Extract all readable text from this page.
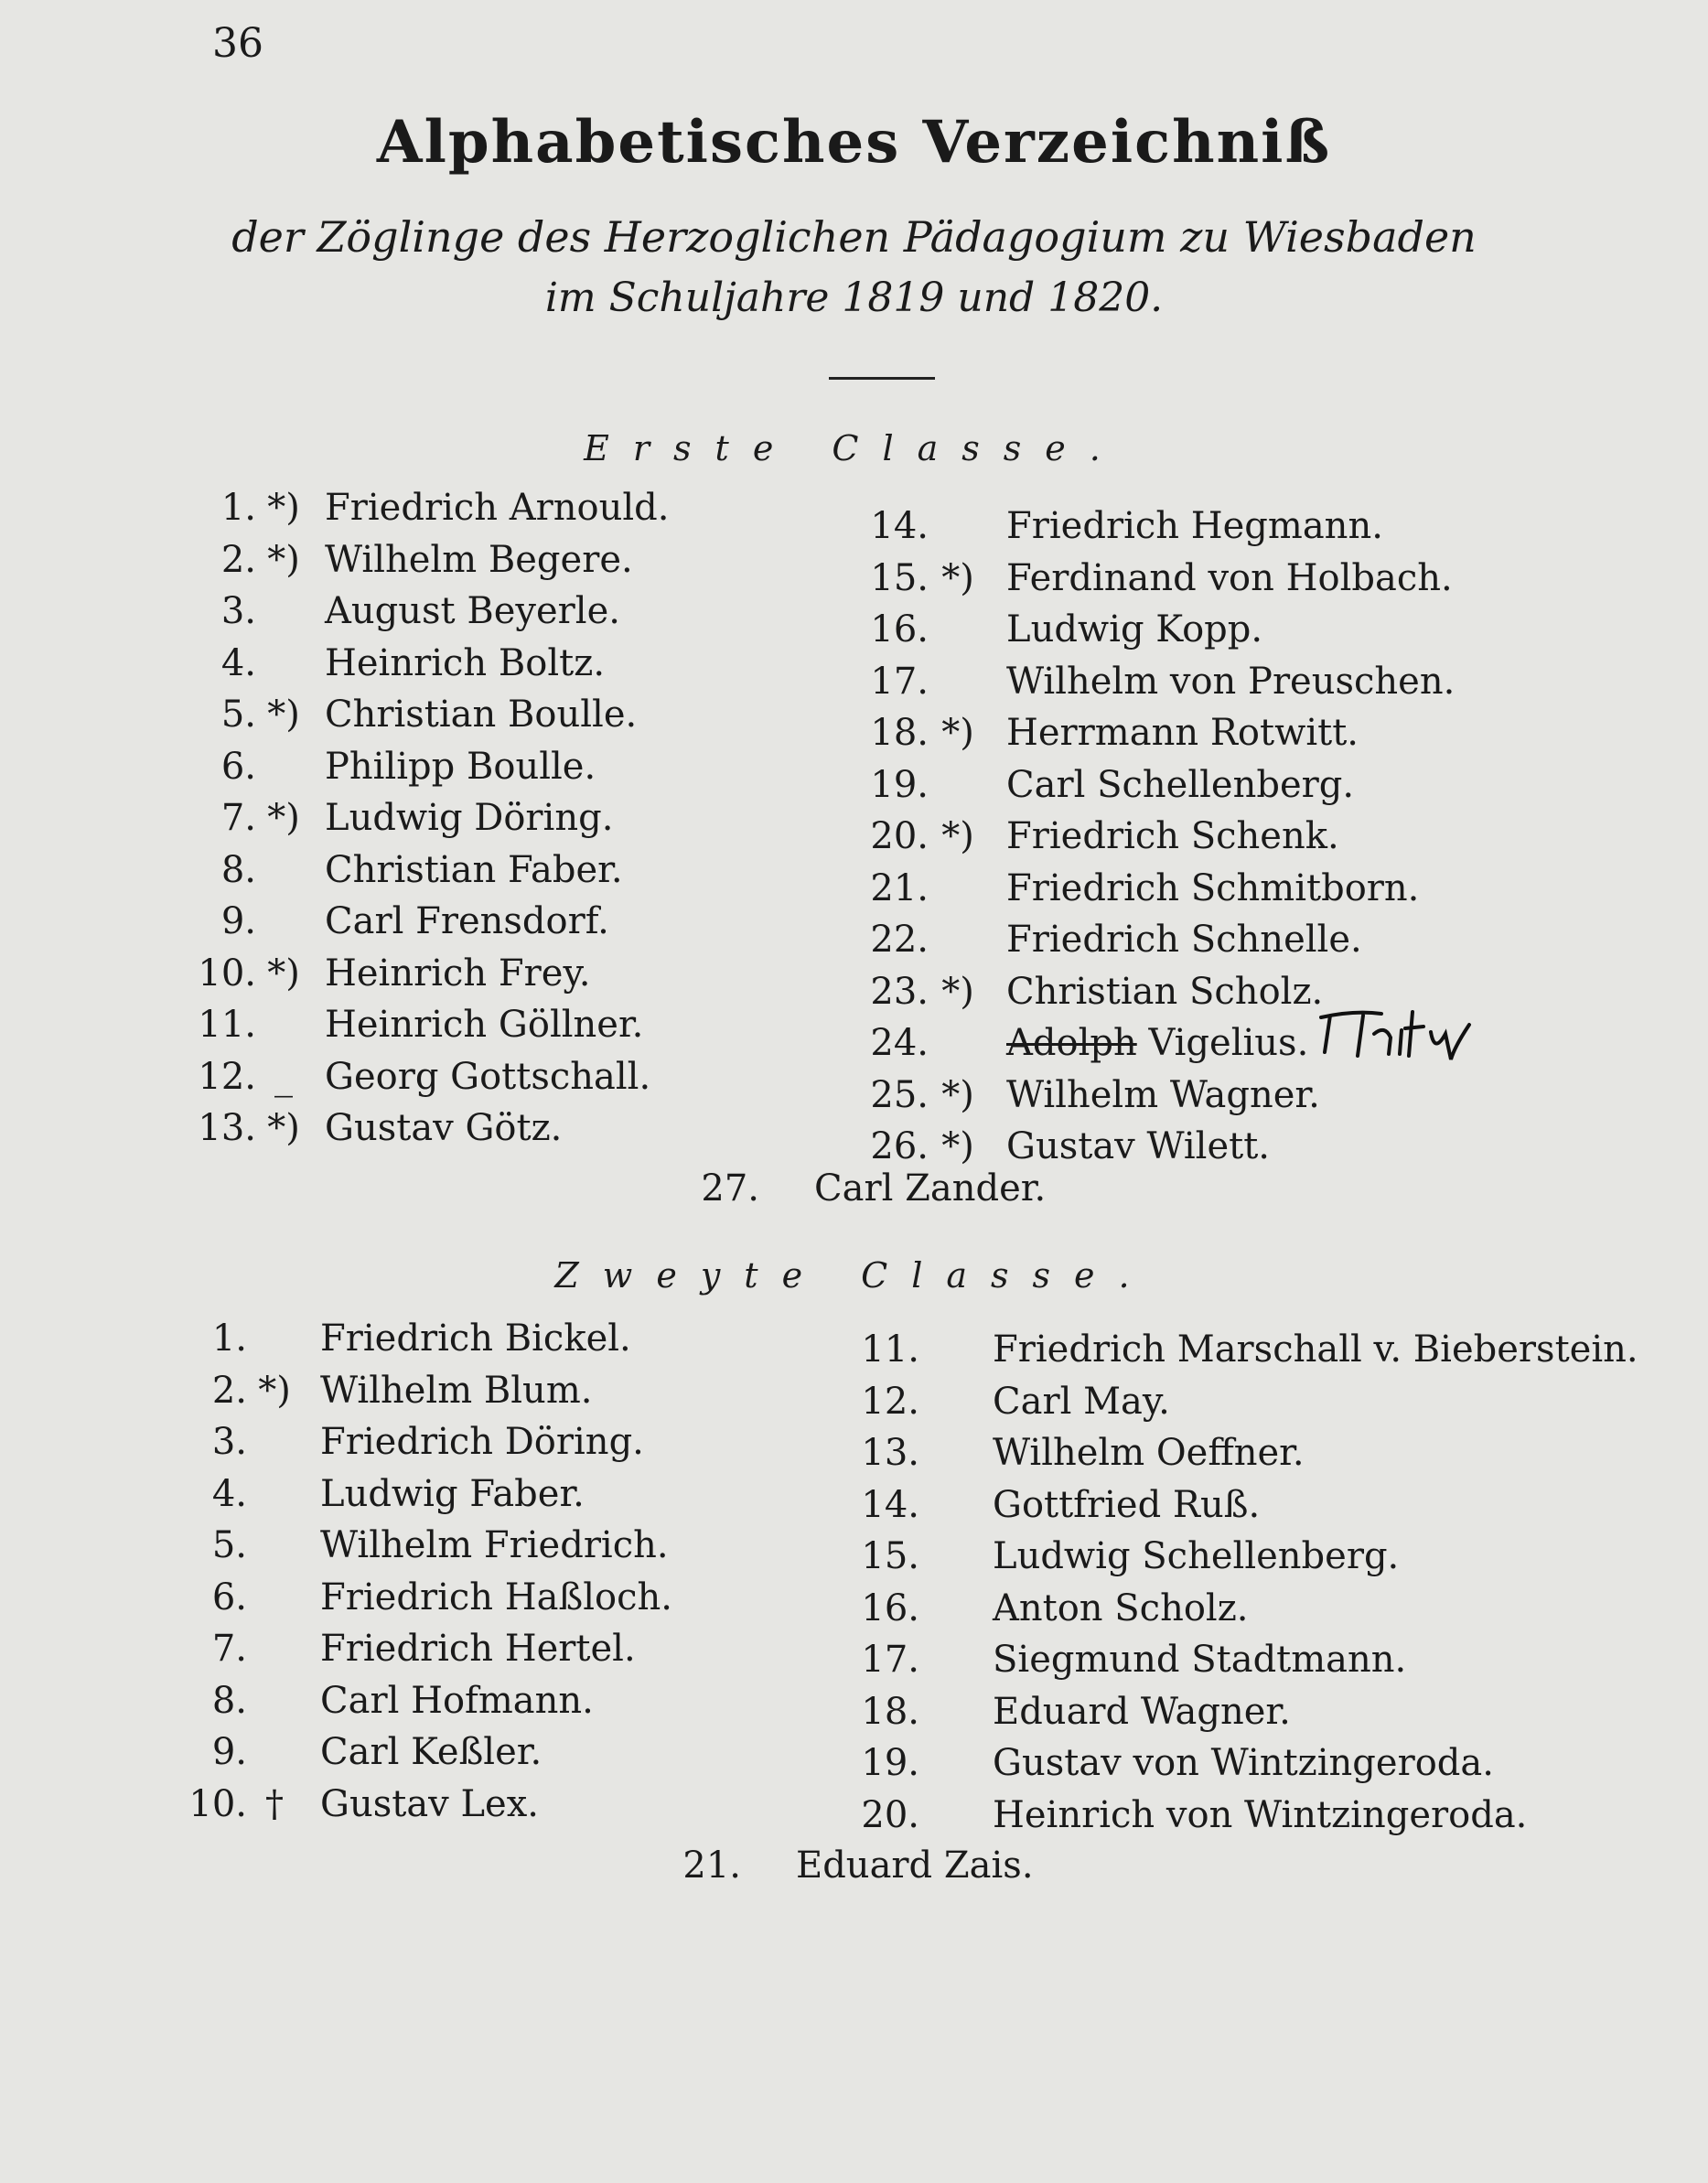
36
Alphabetisches Verzeichniß
der Zöglinge des Herzoglichen Pädagogium zu Wiesbaden
im Schuljahre 1819 und 1820.
Erste Classe.
1. *) Friedrich Arnould.
2. *) Wilhelm Begere.
3. August Beyerle.
4. Heinrich Boltz.
5. *) Christian Boulle.
6. Philipp Boulle.
7. *) Ludwig Döring.
8. Christian Faber.
9. Carl Frensdorf.
10. *) Heinrich Frey.
11. Heinrich Göllner.
12. _ Georg Gottschall.
13. *) Gustav Götz.
14. Friedrich Hegmann.
15. *) Ferdinand von Holbach.
16. Ludwig Kopp.
17. Wilhelm von Preuschen.
18. *) Herrmann Rotwitt.
19. Carl Schellenberg.
20. *) Friedrich Schenk.
21. Friedrich Schmitborn.
22. Friedrich Schnelle.
23. *) Christian Scholz.
24. Adolph Vigelius.
25. *) Wilhelm Wagner.
26. *) Gustav Wilett.
27. Carl Zander.
Zweyte Classe.
1. Friedrich Bickel.
2. *) Wilhelm Blum.
3. Friedrich Döring.
4. Ludwig Faber.
5. Wilhelm Friedrich.
6. Friedrich Haßloch.
7. Friedrich Hertel.
8. Carl Hofmann.
9. Carl Keßler.
10. † Gustav Lex.
11. Friedrich Marschall v. Bieberstein.
12. Carl May.
13. Wilhelm Oeffner.
14. Gottfried Ruß.
15. Ludwig Schellenberg.
16. Anton Scholz.
17. Siegmund Stadtmann.
18. Eduard Wagner.
19. Gustav von Wintzingeroda.
20. Heinrich von Wintzingeroda.
21. Eduard Zais.
